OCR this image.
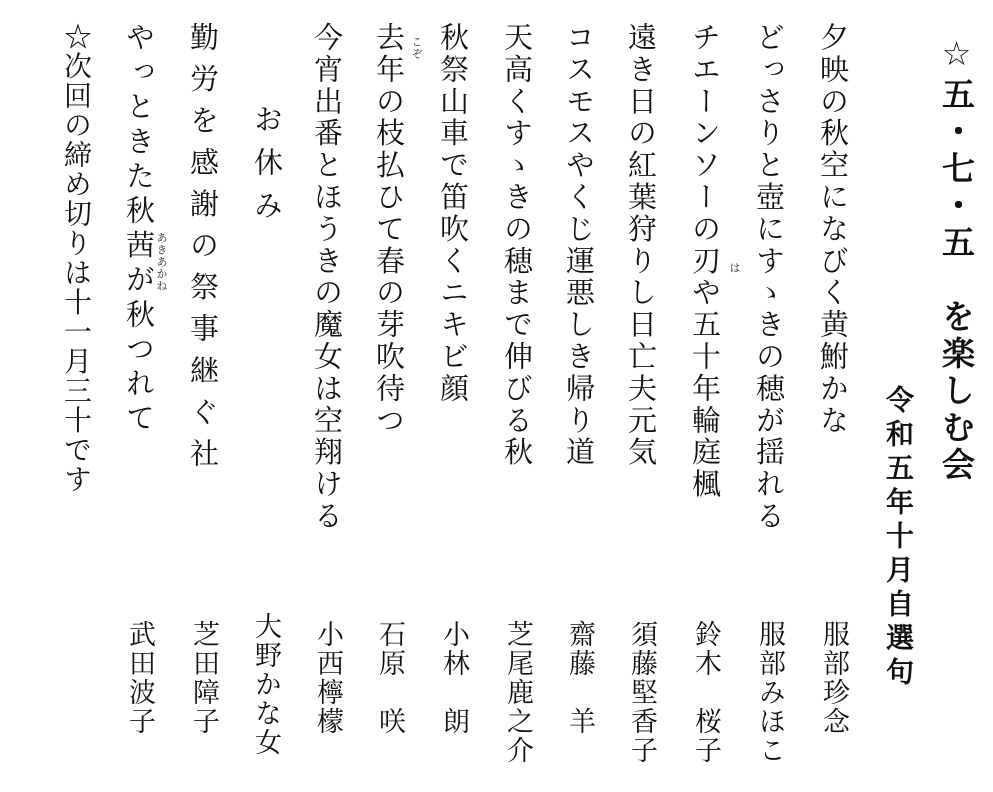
☆五・七・五　を楽しむ会
令和五年十月自選句
夕映の秋空になびく黄鮒かな
服部珍念
どっさりと壺にすゝきの穂が揺れる
服部みほこ
チエーンソーの刃や五十年輪庭楓 は
鈴木　桜子
遠き日の紅葉狩りし日亡夫元気
須藤堅香子
コスモスやくじ運悪しき帰り道
齋藤　羊
天高くすゝきの穂まで伸びる秋
芝尾鹿之介
秋祭山車で笛吹くニキビ顔
小林　朗
去年の枝払ひて春の芽吹待つ こぞ
石原　咲
今宵出番とほうきの魔女は空翔ける
小西檸檬
お休み
大野かな女
勤労を感謝の祭事継ぐ社
芝田障子
やっときた秋茜が秋つれて あきあかね
武田波子
☆次回の締め切りは十一月三十です
